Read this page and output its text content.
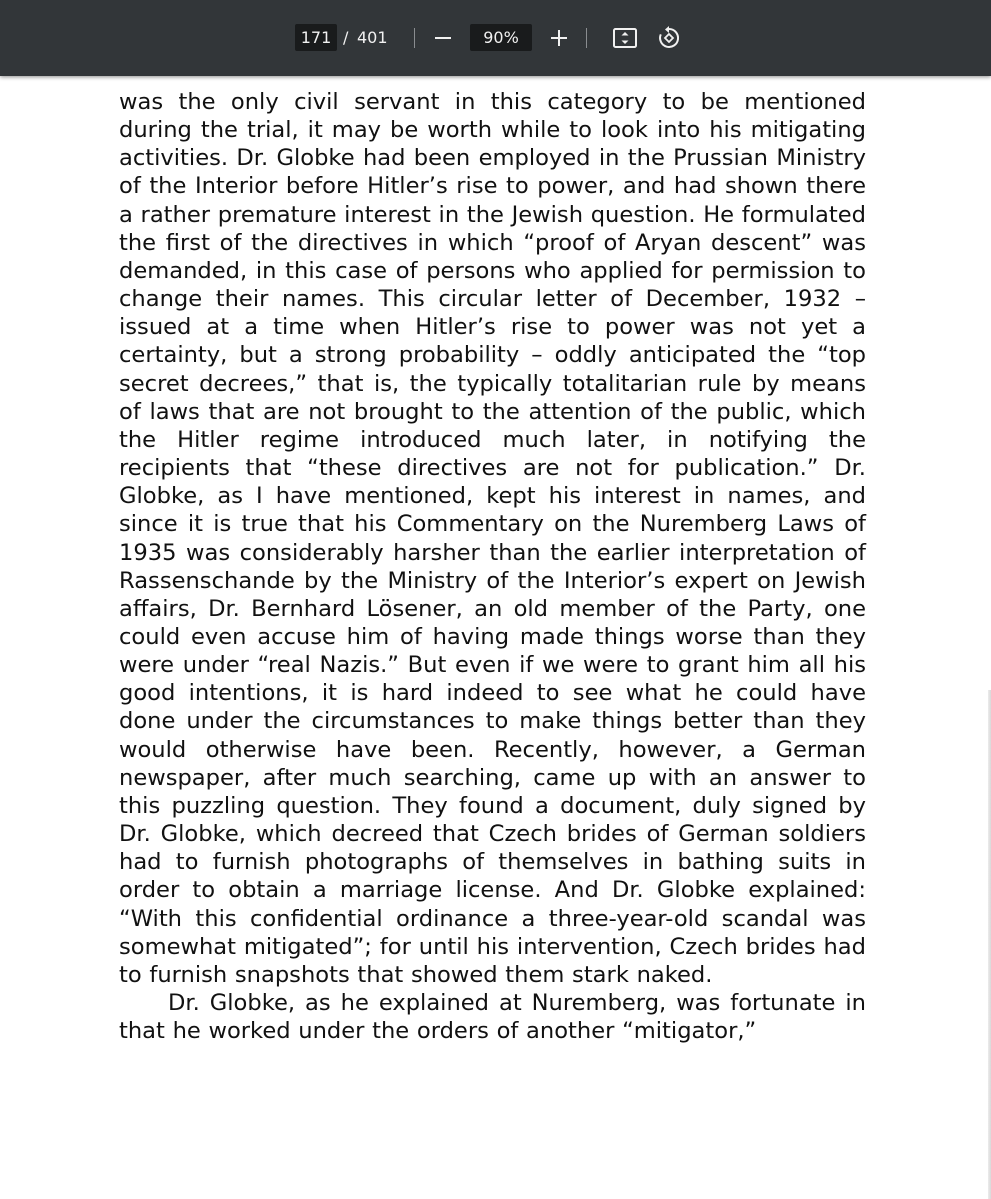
171 / 401	90%

was the only civil servant in this category to be mentioned during the trial, it may be worth while to look into his mitigating activities. Dr. Globke had been employed in the Prussian Ministry of the Interior before Hitler’s rise to power, and had shown there a rather premature interest in the Jewish question. He formulated the first of the directives in which “proof of Aryan descent” was demanded, in this case of persons who applied for permission to change their names. This circular letter of December, 1932 – issued at a time when Hitler’s rise to power was not yet a certainty, but a strong probability – oddly anticipated the “top secret decrees,” that is, the typically totalitarian rule by means of laws that are not brought to the attention of the public, which the Hitler regime introduced much later, in notifying the recipients that “these directives are not for publication.” Dr. Globke, as I have mentioned, kept his interest in names, and since it is true that his Commentary on the Nuremberg Laws of 1935 was considerably harsher than the earlier interpretation of Rassenschande by the Ministry of the Interior’s expert on Jewish affairs, Dr. Bernhard Lösener, an old member of the Party, one could even accuse him of having made things worse than they were under “real Nazis.” But even if we were to grant him all his good intentions, it is hard indeed to see what he could have done under the circumstances to make things better than they would otherwise have been. Recently, however, a German newspaper, after much searching, came up with an answer to this puzzling question. They found a document, duly signed by Dr. Globke, which decreed that Czech brides of German soldiers had to furnish photographs of themselves in bathing suits in order to obtain a marriage license. And Dr. Globke explained: “With this confidential ordinance a three-year-old scandal was somewhat mitigated”; for until his intervention, Czech brides had to furnish snapshots that showed them stark naked.

Dr. Globke, as he explained at Nuremberg, was fortunate in that he worked under the orders of another “mitigator,”
